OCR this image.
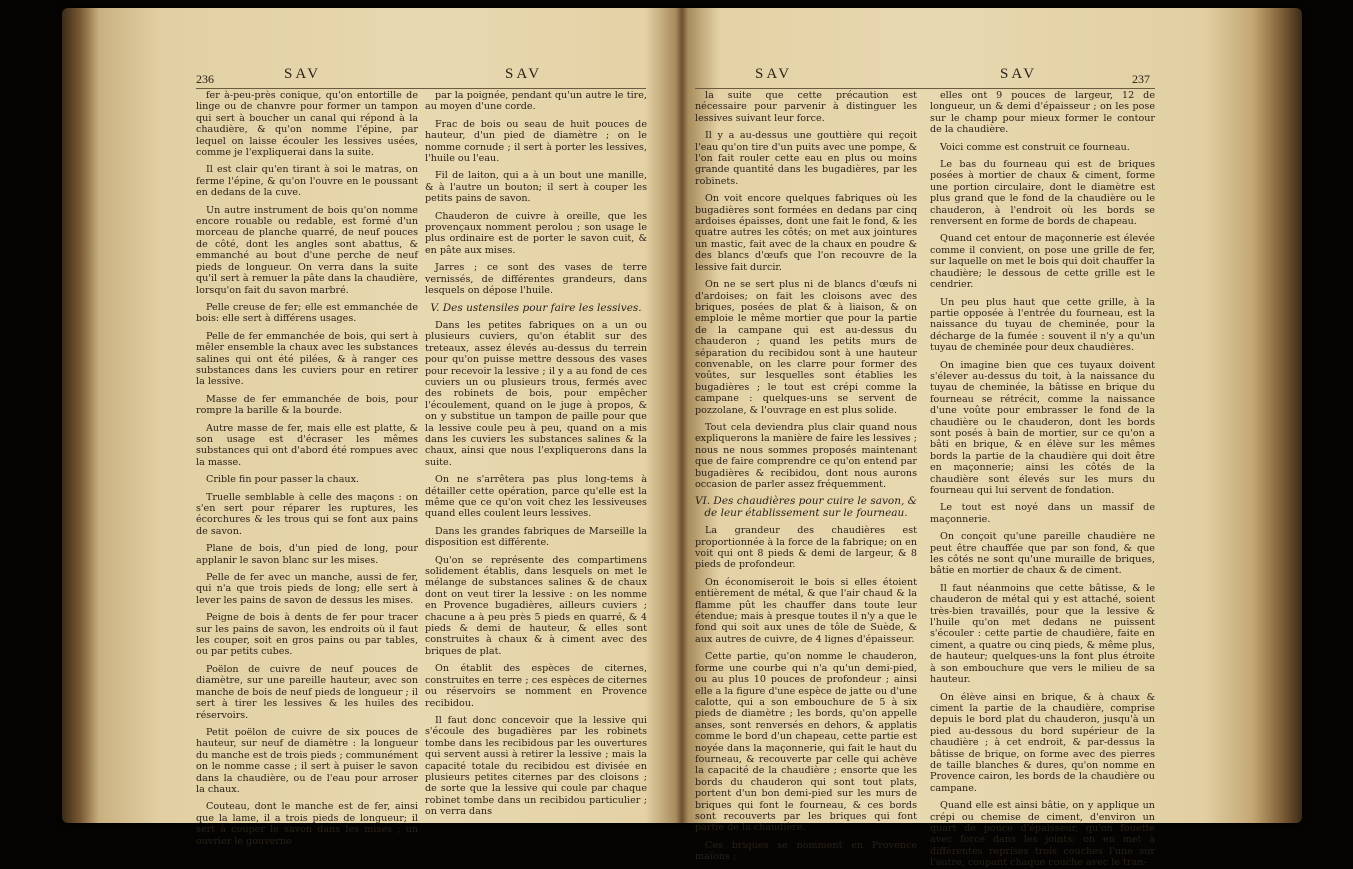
236	SAV	SAV

fer à-peu-près conique, qu'on entortille de linge ou de chanvre pour former un tampon qui sert à boucher un canal qui répond à la chaudière, & qu'on nomme l'épine, par lequel on laisse écouler les lessives usées, comme je l'expliquerai dans la suite.

Il est clair qu'en tirant à soi le matras, on ferme l'épine, & qu'on l'ouvre en le poussant en dedans de la cuve.

Un autre instrument de bois qu'on nomme encore rouable ou redable, est formé d'un morceau de planche quarré, de neuf pouces de côté, dont les angles sont abattus, & emmanché au bout d'une perche de neuf pieds de longueur. On verra dans la suite qu'il sert à remuer la pâte dans la chaudière, lorsqu'on fait du savon marbré.

Pelle creuse de fer; elle est emmanchée de bois: elle sert à différens usages.

Pelle de fer emmanchée de bois, qui sert à mêler ensemble la chaux avec les substances salines qui ont été pilées, & à ranger ces substances dans les cuviers pour en retirer la lessive.

Masse de fer emmanchée de bois, pour rompre la barille & la bourde.

Autre masse de fer, mais elle est platte, & son usage est d'écraser les mêmes substances qui ont d'abord été rompues avec la masse.

Crible fin pour passer la chaux.

Truelle semblable à celle des maçons : on s'en sert pour réparer les ruptures, les écorchures & les trous qui se font aux pains de savon.

Plane de bois, d'un pied de long, pour applanir le savon blanc sur les mises.

Pelle de fer avec un manche, aussi de fer, qui n'a que trois pieds de long; elle sert à lever les pains de savon de dessus les mises.

Peigne de bois à dents de fer pour tracer sur les pains de savon, les endroits où il faut les couper, soit en gros pains ou par tables, ou par petits cubes.

Poëlon de cuivre de neuf pouces de diamètre, sur une pareille hauteur, avec son manche de bois de neuf pieds de longueur ; il sert à tirer les lessives & les huiles des réservoirs.

Petit poëlon de cuivre de six pouces de hauteur, sur neuf de diamètre : la longueur du manche est de trois pieds ; communément on le nomme casse ; il sert à puiser le savon dans la chaudière, ou de l'eau pour arroser la chaux.

Couteau, dont le manche est de fer, ainsi que la lame, il a trois pieds de longueur; il sert à couper le savon dans les mises ; un ouvrier le gouverne

par la poignée, pendant qu'un autre le tire, au moyen d'une corde.

Frac de bois ou seau de huit pouces de hauteur, d'un pied de diamètre ; on le nomme cornude ; il sert à porter les lessives, l'huile ou l'eau.

Fil de laiton, qui a à un bout une manille, & à l'autre un bouton; il sert à couper les petits pains de savon.

Chauderon de cuivre à oreille, que les provençaux nomment perolou ; son usage le plus ordinaire est de porter le savon cuit, & en pâte aux mises.

Jarres ; ce sont des vases de terre vernissés, de différentes grandeurs, dans lesquels on dépose l'huile.

V. Des ustensiles pour faire les lessives.

Dans les petites fabriques on a un ou plusieurs cuviers, qu'on établit sur des treteaux, assez élevés au-dessus du terrein pour qu'on puisse mettre dessous des vases pour recevoir la lessive ; il y a au fond de ces cuviers un ou plusieurs trous, fermés avec des robinets de bois, pour empêcher l'écoulement, quand on le juge à propos, & on y substitue un tampon de paille pour que la lessive coule peu à peu, quand on a mis dans les cuviers les substances salines & la chaux, ainsi que nous l'expliquerons dans la suite.

On ne s'arrêtera pas plus long-tems à détailler cette opération, parce qu'elle est la même que ce qu'on voit chez les lessiveuses quand elles coulent leurs lessives.

Dans les grandes fabriques de Marseille la disposition est différente.

Qu'on se représente des compartimens solidement établis, dans lesquels on met le mélange de substances salines & de chaux dont on veut tirer la lessive : on les nomme en Provence bugadières, ailleurs cuviers ; chacune a à peu près 5 pieds en quarré, & 4 pieds & demi de hauteur, & elles sont construites à chaux & à ciment avec des briques de plat.

On établit des espèces de citernes, construites en terre ; ces espèces de citernes ou réservoirs se nomment en Provence recibidou.

Il faut donc concevoir que la lessive qui s'écoule des bugadières par les robinets tombe dans les recibidous par les ouvertures qui servent aussi à retirer la lessive ; mais la capacité totale du recibidou est divisée en plusieurs petites citernes par des cloisons ; de sorte que la lessive qui coule par chaque robinet tombe dans un recibidou particulier ; on verra dans

SAV	SAV	237

la suite que cette précaution est nécessaire pour parvenir à distinguer les lessives suivant leur force.

Il y a au-dessus une gouttière qui reçoit l'eau qu'on tire d'un puits avec une pompe, & l'on fait rouler cette eau en plus ou moins grande quantité dans les bugadières, par les robinets.

On voit encore quelques fabriques où les bugadières sont formées en dedans par cinq ardoises épaisses, dont une fait le fond, & les quatre autres les côtés; on met aux jointures un mastic, fait avec de la chaux en poudre & des blancs d'œufs que l'on recouvre de la lessive fait durcir.

On ne se sert plus ni de blancs d'œufs ni d'ardoises; on fait les cloisons avec des briques, posées de plat & à liaison, & on emploie le même mortier que pour la partie de la campane qui est au-dessus du chauderon ; quand les petits murs de séparation du recibidou sont à une hauteur convenable, on les clarre pour former des voûtes, sur lesquelles sont établies les bugadières ; le tout est crépi comme la campane : quelques-uns se servent de pozzolane, & l'ouvrage en est plus solide.

Tout cela deviendra plus clair quand nous expliquerons la manière de faire les lessives ; nous ne nous sommes proposés maintenant que de faire comprendre ce qu'on entend par bugadières & recibidou, dont nous aurons occasion de parler assez fréquemment.

VI. Des chaudières pour cuire le savon, & de leur établissement sur le fourneau.

La grandeur des chaudières est proportionnée à la force de la fabrique; on en voit qui ont 8 pieds & demi de largeur, & 8 pieds de profondeur.

On économiseroit le bois si elles étoient entièrement de métal, & que l'air chaud & la flamme pût les chauffer dans toute leur étendue; mais à presque toutes il n'y a que le fond qui soit aux unes de tôle de Suède, & aux autres de cuivre, de 4 lignes d'épaisseur.

Cette partie, qu'on nomme le chauderon, forme une courbe qui n'a qu'un demi-pied, ou au plus 10 pouces de profondeur ; ainsi elle a la figure d'une espèce de jatte ou d'une calotte, qui a son embouchure de 5 à six pieds de diamètre ; les bords, qu'on appelle anses, sont renversés en dehors, & applatis comme le bord d'un chapeau, cette partie est noyée dans la maçonnerie, qui fait le haut du fourneau, & recouverte par celle qui achève la capacité de la chaudière ; ensorte que les bords du chauderon qui sont tout plats, portent d'un bon demi-pied sur les murs de briques qui font le fourneau, & ces bords sont recouverts par les briques qui font partie de la chaudière.

Ces briques se nomment en Provence maïons ;

elles ont 9 pouces de largeur, 12 de longueur, un & demi d'épaisseur ; on les pose sur le champ pour mieux former le contour de la chaudière.

Voici comme est construit ce fourneau.

Le bas du fourneau qui est de briques posées à mortier de chaux & ciment, forme une portion circulaire, dont le diamètre est plus grand que le fond de la chaudière ou le chauderon, à l'endroit où les bords se renversent en forme de bords de chapeau.

Quand cet entour de maçonnerie est élevée comme il convient, on pose une grille de fer, sur laquelle on met le bois qui doit chauffer la chaudière; le dessous de cette grille est le cendrier.

Un peu plus haut que cette grille, à la partie opposée à l'entrée du fourneau, est la naissance du tuyau de cheminée, pour la décharge de la fumée : souvent il n'y a qu'un tuyau de cheminée pour deux chaudières.

On imagine bien que ces tuyaux doivent s'élever au-dessus du toit, à la naissance du tuyau de cheminée, la bâtisse en brique du fourneau se rétrécit, comme la naissance d'une voûte pour embrasser le fond de la chaudière ou le chauderon, dont les bords sont posés à bain de mortier, sur ce qu'on a bâti en brique, & en élève sur les mêmes bords la partie de la chaudière qui doit être en maçonnerie; ainsi les côtés de la chaudière sont élevés sur les murs du fourneau qui lui servent de fondation.

Le tout est noyé dans un massif de maçonnerie.

On conçoit qu'une pareille chaudière ne peut être chauffée que par son fond, & que les côtés ne sont qu'une muraille de briques, bâtie en mortier de chaux & de ciment.

Il faut néanmoins que cette bâtisse, & le chauderon de métal qui y est attaché, soient très-bien travaillés, pour que la lessive & l'huile qu'on met dedans ne puissent s'écouler : cette partie de chaudière, faite en ciment, a quatre ou cinq pieds, & même plus, de hauteur; quelques-uns la font plus étroite à son embouchure que vers le milieu de sa hauteur.

On élève ainsi en brique, & à chaux & ciment la partie de la chaudière, comprise depuis le bord plat du chauderon, jusqu'à un pied au-dessous du bord supérieur de la chaudière ; à cet endroit, & par-dessus la bâtisse de brique, on forme avec des pierres de taille blanches & dures, qu'on nomme en Provence cairon, les bords de la chaudière ou campane.

Quand elle est ainsi bâtie, on y applique un crépi ou chemise de ciment, d'environ un quart de pouce d'épaisseur, qu'on fouette avec force dans les joints; on en met à différentes reprises trois couches l'une sur l'autre, coupant chaque couche avec le tran-
